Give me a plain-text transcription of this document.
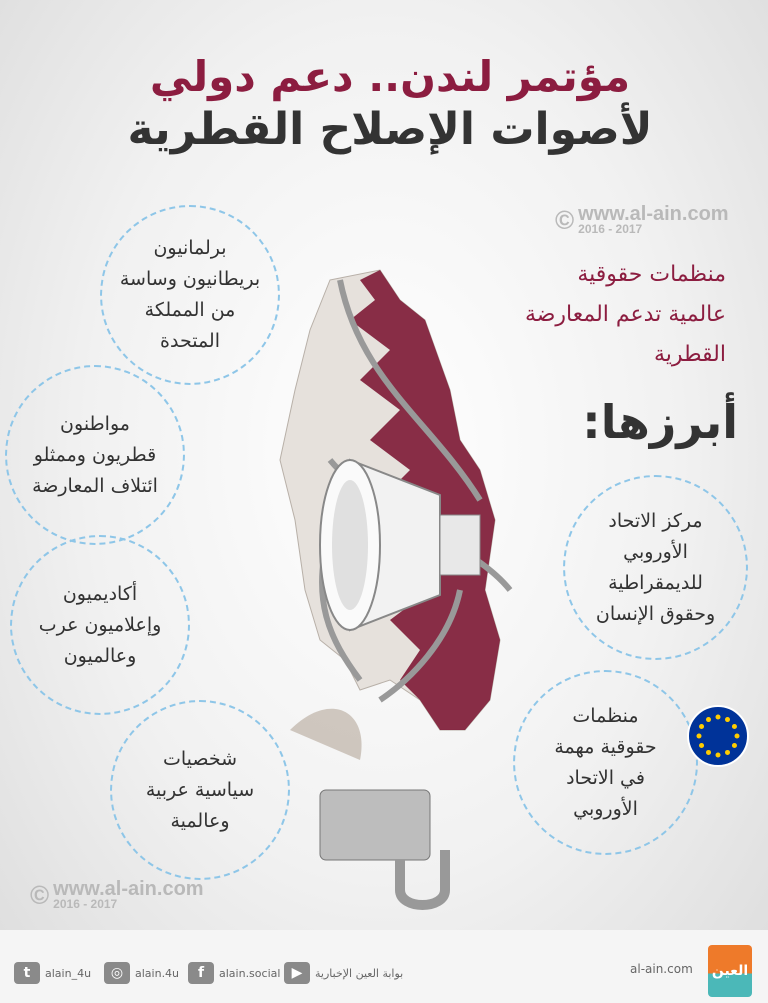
مؤتمر لندن.. دعم دولي
لأصوات الإصلاح القطرية
© www.al-ain.com
2016 - 2017
منظمات حقوقية
عالمية تدعم المعارضة
القطرية
أبرزها:
برلمانيون
بريطانيون وساسة
من المملكة
المتحدة
مواطنون
قطريون وممثلو
ائتلاف المعارضة
أكاديميون
وإعلاميون عرب
وعالميون
شخصيات
سياسية عربية
وعالمية
مركز الاتحاد
الأوروبي
للديمقراطية
وحقوق الإنسان
منظمات
حقوقية مهمة
في الاتحاد
الأوروبي
© www.al-ain.com
2016 - 2017
t	alain_4u	◎	alain.4u	f	alain.social ▶	بوابة العين الإخبارية	al-ain.com العين
